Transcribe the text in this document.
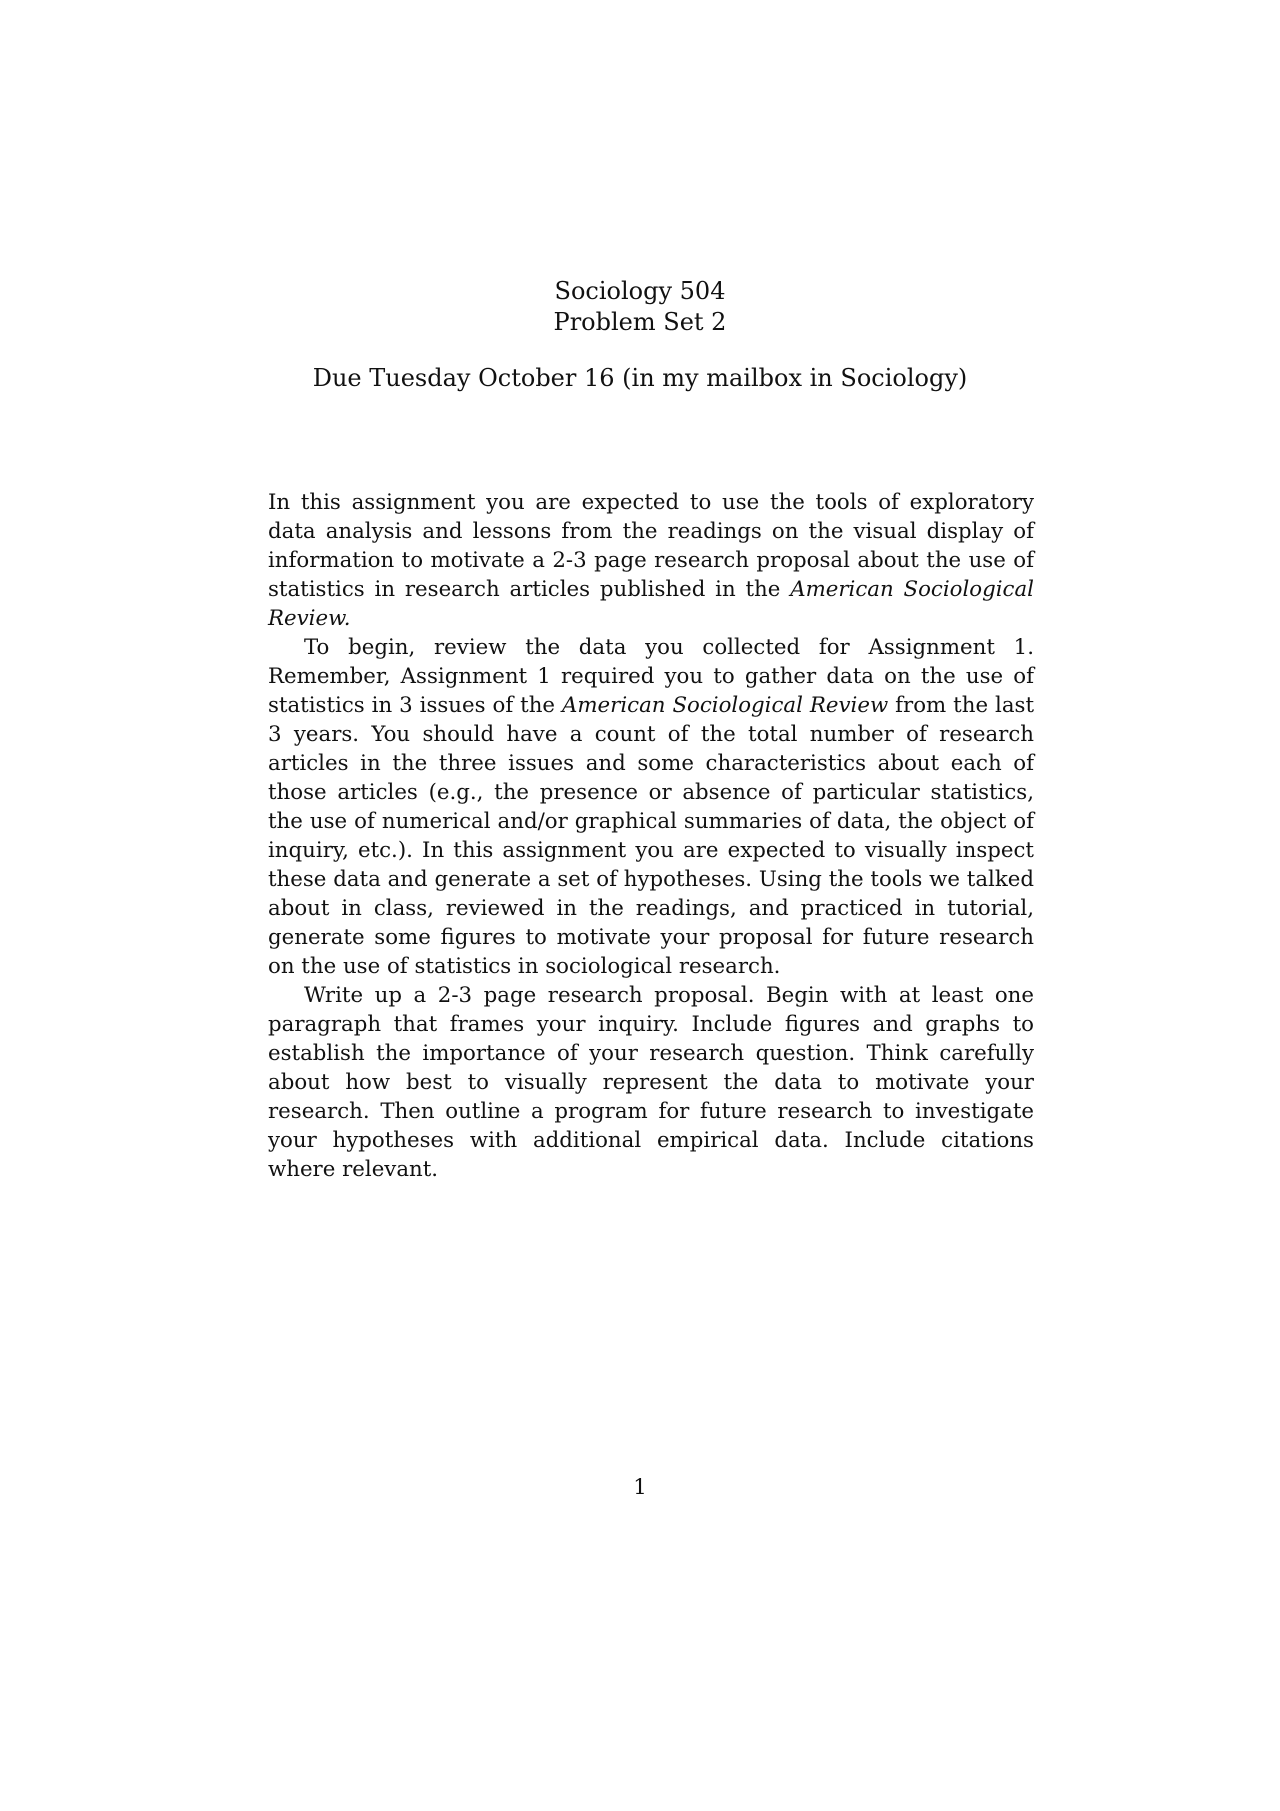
Sociology 504
Problem Set 2
Due Tuesday October 16 (in my mailbox in Sociology)

In this assignment you are expected to use the tools of exploratory data analysis and lessons from the readings on the visual display of information to motivate a 2-3 page research proposal about the use of statistics in research articles published in the American Sociological Review.

To begin, review the data you collected for Assignment 1. Remember, Assignment 1 required you to gather data on the use of statistics in 3 issues of the American Sociological Review from the last 3 years. You should have a count of the total number of research articles in the three issues and some characteristics about each of those articles (e.g., the presence or absence of particular statistics, the use of numerical and/or graphical summaries of data, the object of inquiry, etc.). In this assignment you are expected to visually inspect these data and generate a set of hypotheses. Using the tools we talked about in class, reviewed in the readings, and practiced in tutorial, generate some figures to motivate your proposal for future research on the use of statistics in sociological research.

Write up a 2-3 page research proposal. Begin with at least one paragraph that frames your inquiry. Include figures and graphs to establish the importance of your research question. Think carefully about how best to visually represent the data to motivate your research. Then outline a program for future research to investigate your hypotheses with additional empirical data. Include citations where relevant.

1
